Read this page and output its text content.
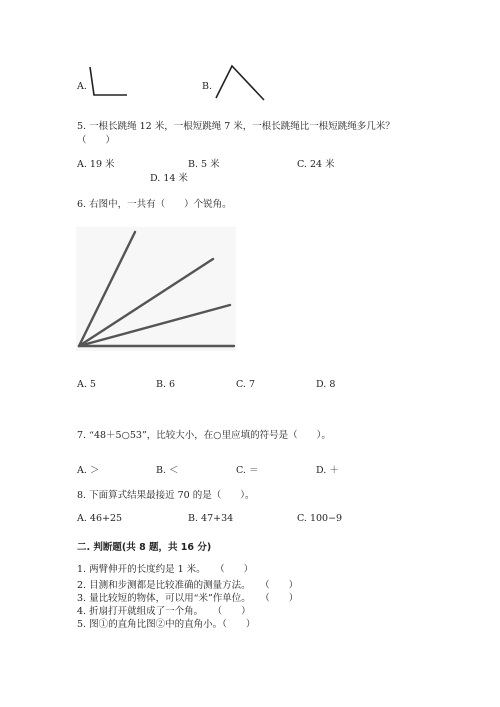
A.	B.
5. 一根长跳绳 12 米，一根短跳绳 7 米，一根长跳绳比一根短跳绳多几米？
（　　）
A. 19 米	B. 5 米	C. 24 米
D. 14 米
6. 右图中，一共有（　　）个锐角。
A. 5	B. 6	C. 7	D. 8
7. “48＋5○53”，比较大小，在○里应填的符号是（　　）。
A. ＞	B. ＜	C. ＝	D. ＋
8. 下面算式结果最接近 70 的是（　　）。
A. 46+25	B. 47+34	C. 100−9
二. 判断题(共 8 题，共 16 分)
1. 两臂伸开的长度约是 1 米。　　（　　）
2. 目测和步测都是比较准确的测量方法。　　（　　）
3. 量比较短的物体，可以用“米”作单位。　　（　　）
4. 折扇打开就组成了一个角。　　（　　）
5. 图①的直角比图②中的直角小。（　　）
